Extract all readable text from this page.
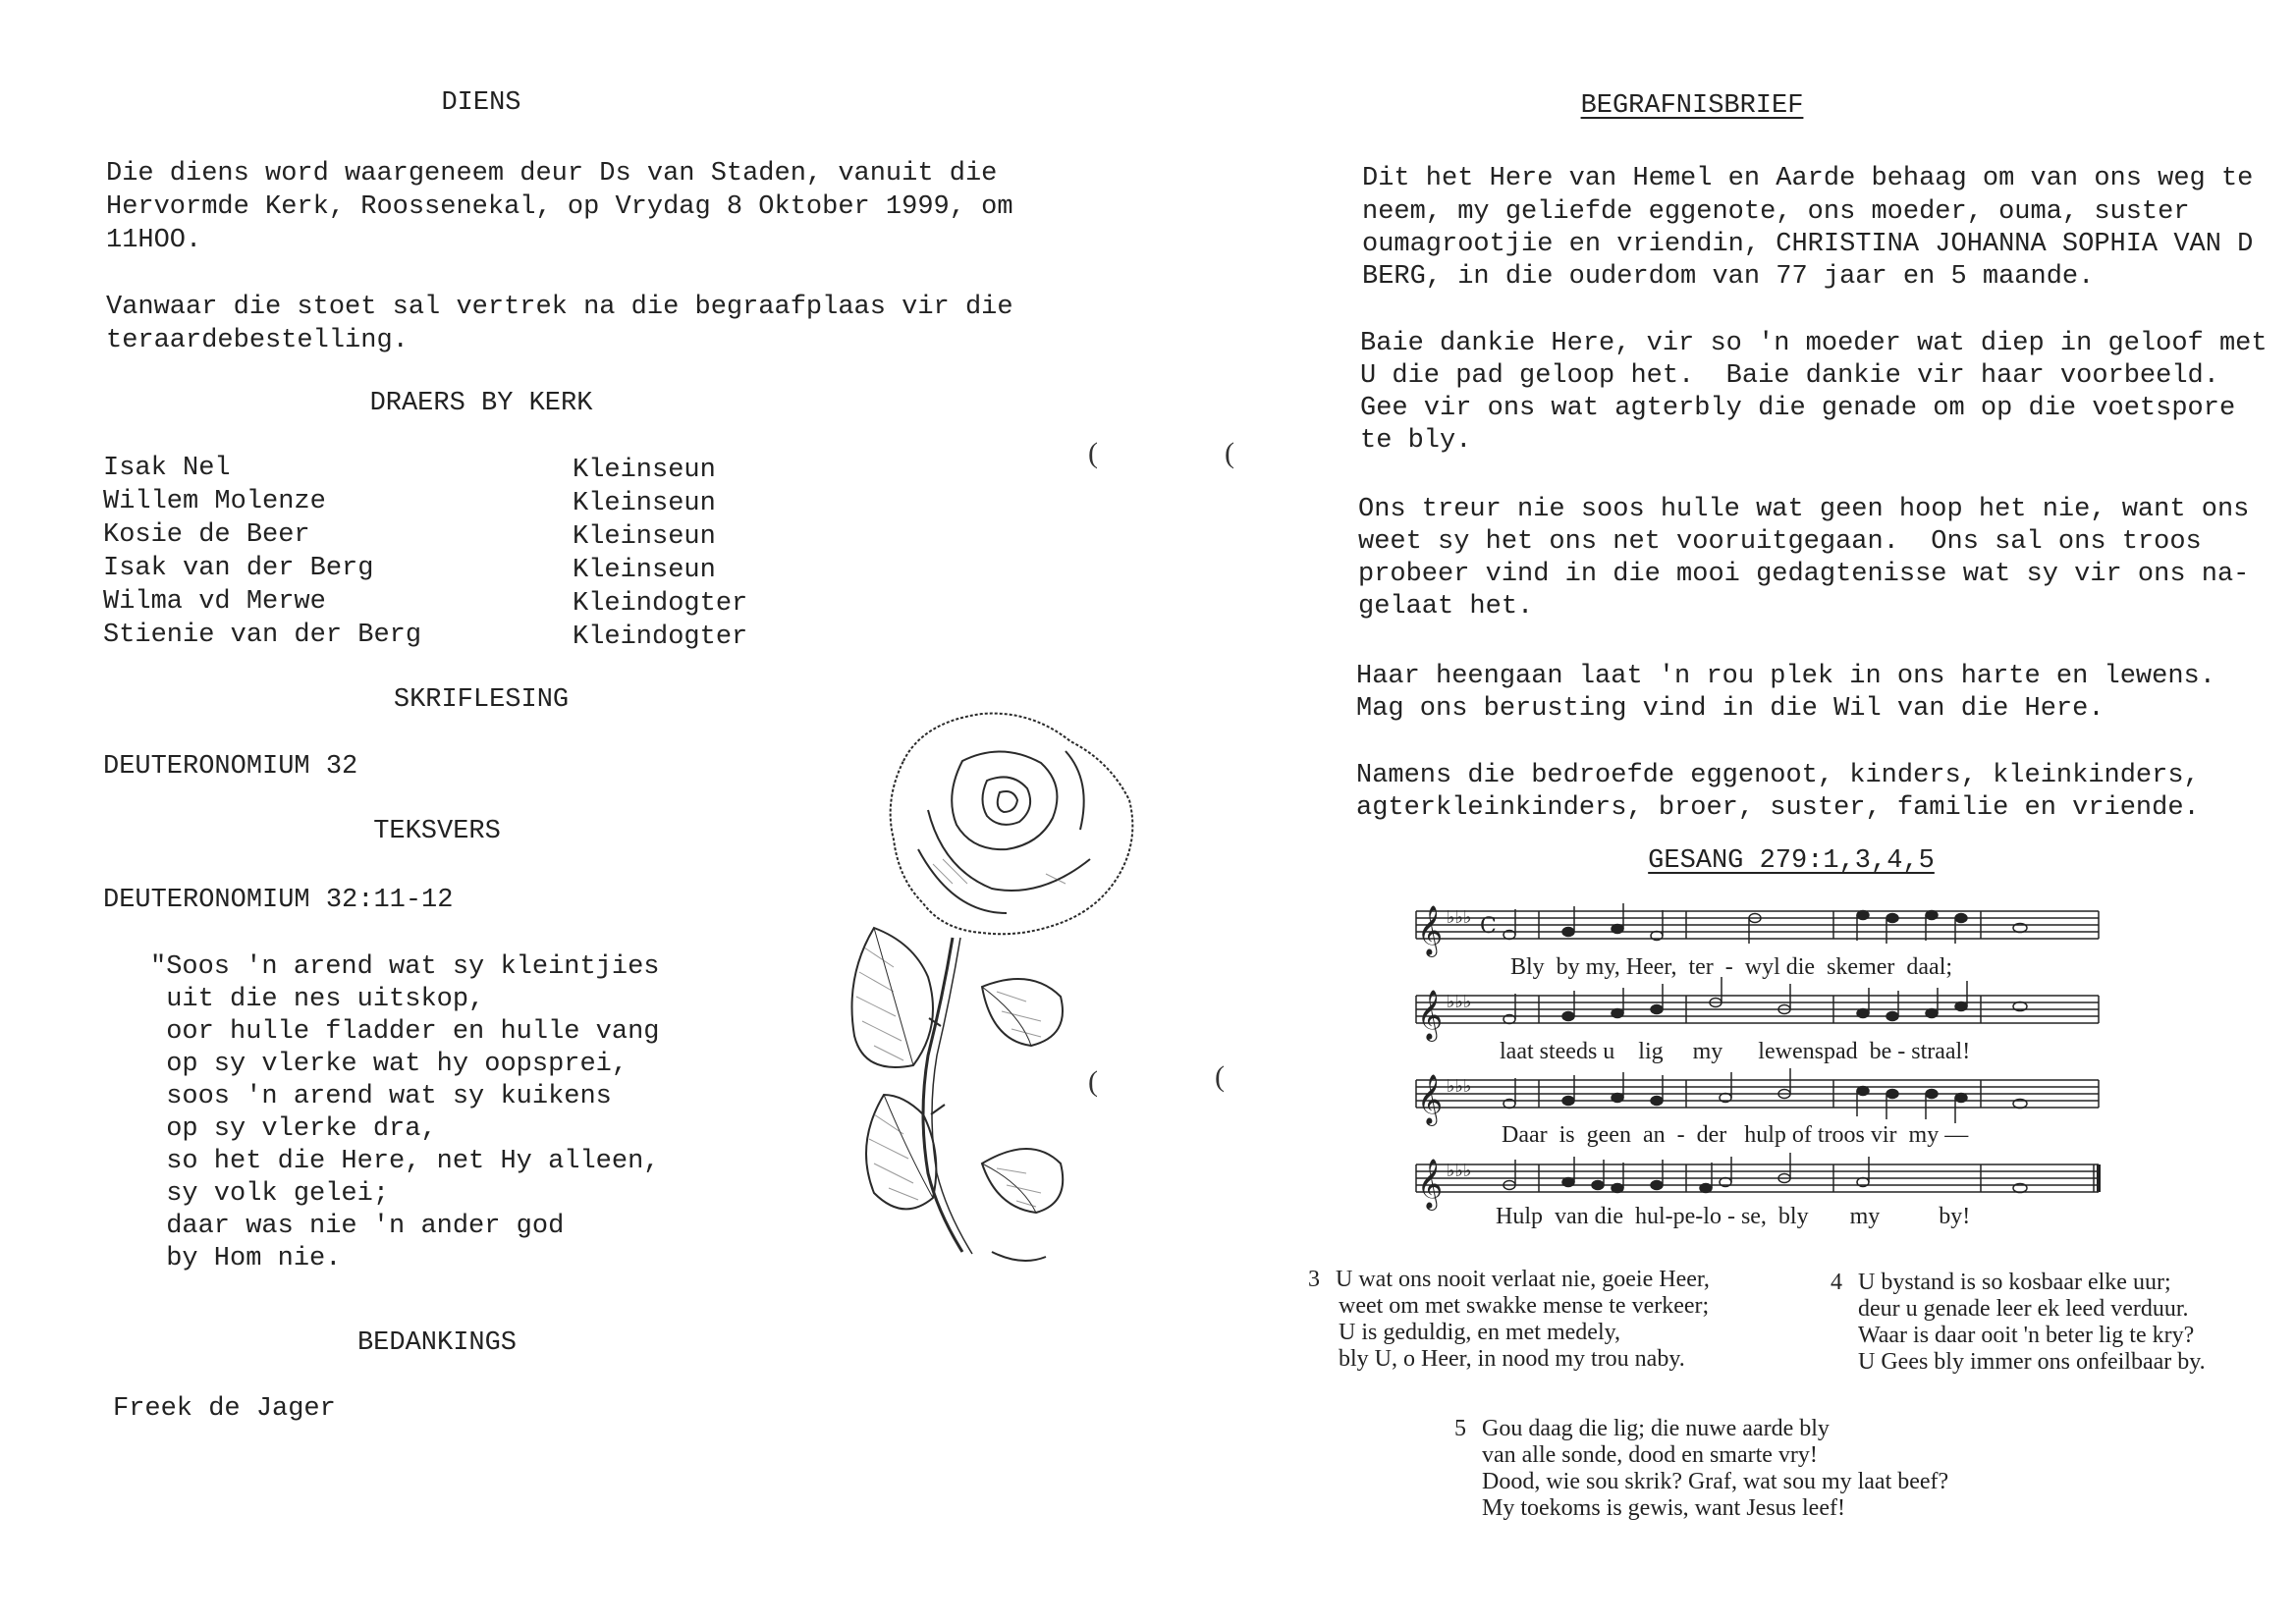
DIENS
Die diens word waargeneem deur Ds van Staden, vanuit die
Hervormde Kerk, Roossenekal, op Vrydag 8 Oktober 1999, om
11HOO.
Vanwaar die stoet sal vertrek na die begraafplaas vir die
teraardebestelling.
DRAERS BY KERK
Isak Nel	Kleinseun
Willem Molenze	Kleinseun
Kosie de Beer	Kleinseun
Isak van der Berg	Kleinseun
Wilma vd Merwe	Kleindogter
Stienie van der Berg	Kleindogter
SKRIFLESING
DEUTERONOMIUM 32
TEKSVERS
DEUTERONOMIUM 32:11-12
"Soos 'n arend wat sy kleintjies
uit die nes uitskop,
oor hulle fladder en hulle vang
op sy vlerke wat hy oopsprei,
soos 'n arend wat sy kuikens
op sy vlerke dra,
so het die Here, net Hy alleen,
sy volk gelei;
daar was nie 'n ander god
by Hom nie.
BEDANKINGS
Freek de Jager
(
(
(
(
BEGRAFNISBRIEF
Dit het Here van Hemel en Aarde behaag om van ons weg te
neem, my geliefde eggenote, ons moeder, ouma, suster
oumagrootjie en vriendin, CHRISTINA JOHANNA SOPHIA VAN D
BERG, in die ouderdom van 77 jaar en 5 maande.
Baie dankie Here, vir so 'n moeder wat diep in geloof met
U die pad geloop het.  Baie dankie vir haar voorbeeld.
Gee vir ons wat agterbly die genade om op die voetspore
te bly.
Ons treur nie soos hulle wat geen hoop het nie, want ons
weet sy het ons net vooruitgegaan.  Ons sal ons troos
probeer vind in die mooi gedagtenisse wat sy vir ons na-
gelaat het.
Haar heengaan laat 'n rou plek in ons harte en lewens.
Mag ons berusting vind in die Wil van die Here.
Namens die bedroefde eggenoot, kinders, kleinkinders,
agterkleinkinders, broer, suster, familie en vriende.
GESANG 279:1,3,4,5
𝄞
𝄞
𝄞
𝄞
♭♭♭
♭♭♭
♭♭♭
♭♭♭
C
Bly  by my, Heer,  ter  -  wyl die  skemer  daal;
laat steeds u    lig     my      lewenspad  be - straal!
Daar  is  geen  an  -  der   hulp of troos vir  my —
Hulp  van die  hul-pe-lo - se,  bly       my          by!
3 U wat ons nooit verlaat nie, goeie Heer,
weet om met swakke mense te verkeer;
U is geduldig, en met medely,
bly U, o Heer, in nood my trou naby.
4 U bystand is so kosbaar elke uur;
deur u genade leer ek leed verduur.
Waar is daar ooit 'n beter lig te kry?
U Gees bly immer ons onfeilbaar by.
5 Gou daag die lig; die nuwe aarde bly
van alle sonde, dood en smarte vry!
Dood, wie sou skrik? Graf, wat sou my laat beef?
My toekoms is gewis, want Jesus leef!
